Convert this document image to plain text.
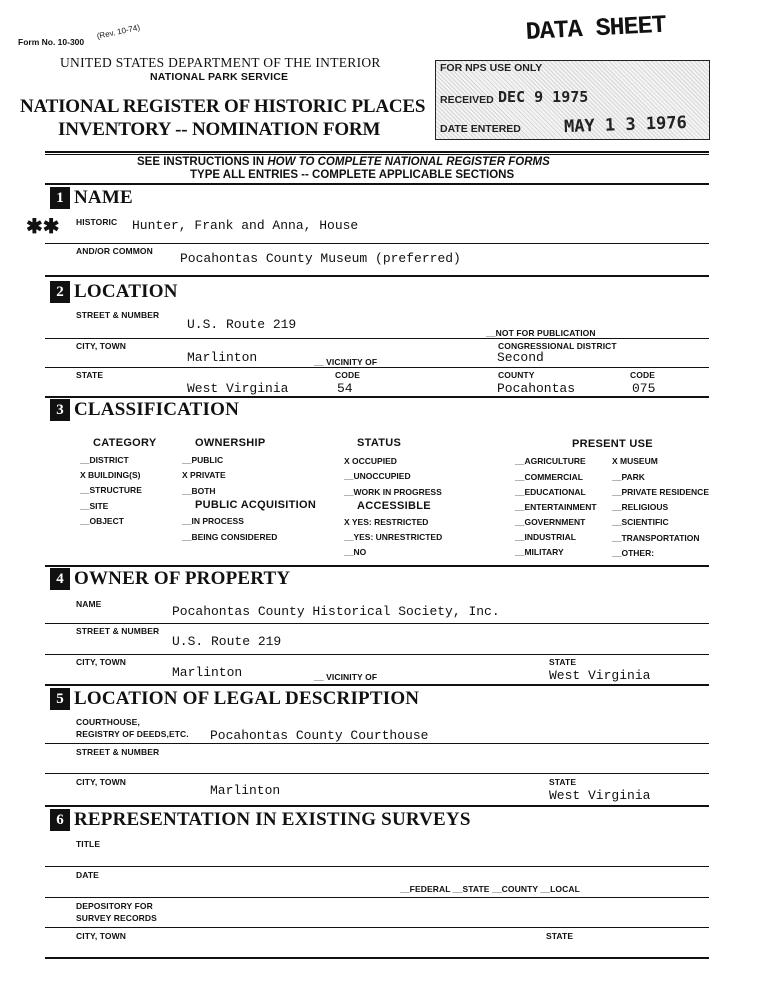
Form No. 10-300
(Rev. 10-74)
UNITED STATES DEPARTMENT OF THE INTERIOR
NATIONAL PARK SERVICE
NATIONAL REGISTER OF HISTORIC PLACES
INVENTORY -- NOMINATION FORM
DATA SHEET
FOR NPS USE ONLY
RECEIVED DEC 9 1975
DATE ENTERED	MAY 1 3 1976
SEE INSTRUCTIONS IN HOW TO COMPLETE NATIONAL REGISTER FORMS
TYPE ALL ENTRIES -- COMPLETE APPLICABLE SECTIONS
1 NAME
✱✱ HISTORIC Hunter, Frank and Anna, House
AND/OR COMMON Pocahontas County Museum (preferred)
2 LOCATION
STREET & NUMBER
U.S. Route 219
__NOT FOR PUBLICATION
CITY, TOWN	CONGRESSIONAL DISTRICT
Marlinton	__ VICINITY OF	Second
STATE	CODE	COUNTY	CODE
West Virginia	54	Pocahontas	075
3 CLASSIFICATION
CATEGORY
__DISTRICT
X BUILDING(S)
__STRUCTURE
__SITE
__OBJECT
OWNERSHIP
__PUBLIC
X PRIVATE
__BOTH
PUBLIC ACQUISITION
__IN PROCESS
__BEING CONSIDERED
STATUS
X OCCUPIED
__UNOCCUPIED
__WORK IN PROGRESS
ACCESSIBLE
X YES: RESTRICTED
__YES: UNRESTRICTED
__NO
PRESENT USE
__AGRICULTURE
__COMMERCIAL
__EDUCATIONAL
__ENTERTAINMENT
__GOVERNMENT
__INDUSTRIAL
__MILITARY
X MUSEUM
__PARK
__PRIVATE RESIDENCE
__RELIGIOUS
__SCIENTIFIC
__TRANSPORTATION
__OTHER:
4 OWNER OF PROPERTY
NAME	Pocahontas County Historical Society, Inc.
STREET & NUMBER
U.S. Route 219
CITY, TOWN	STATE
Marlinton	__ VICINITY OF	West Virginia
5 LOCATION OF LEGAL DESCRIPTION
COURTHOUSE,
REGISTRY OF DEEDS,ETC. Pocahontas County Courthouse
STREET & NUMBER
CITY, TOWN	STATE
Marlinton	West Virginia
6 REPRESENTATION IN EXISTING SURVEYS
TITLE
DATE
__FEDERAL __STATE __COUNTY __LOCAL
DEPOSITORY FOR
SURVEY RECORDS
CITY, TOWN	STATE
